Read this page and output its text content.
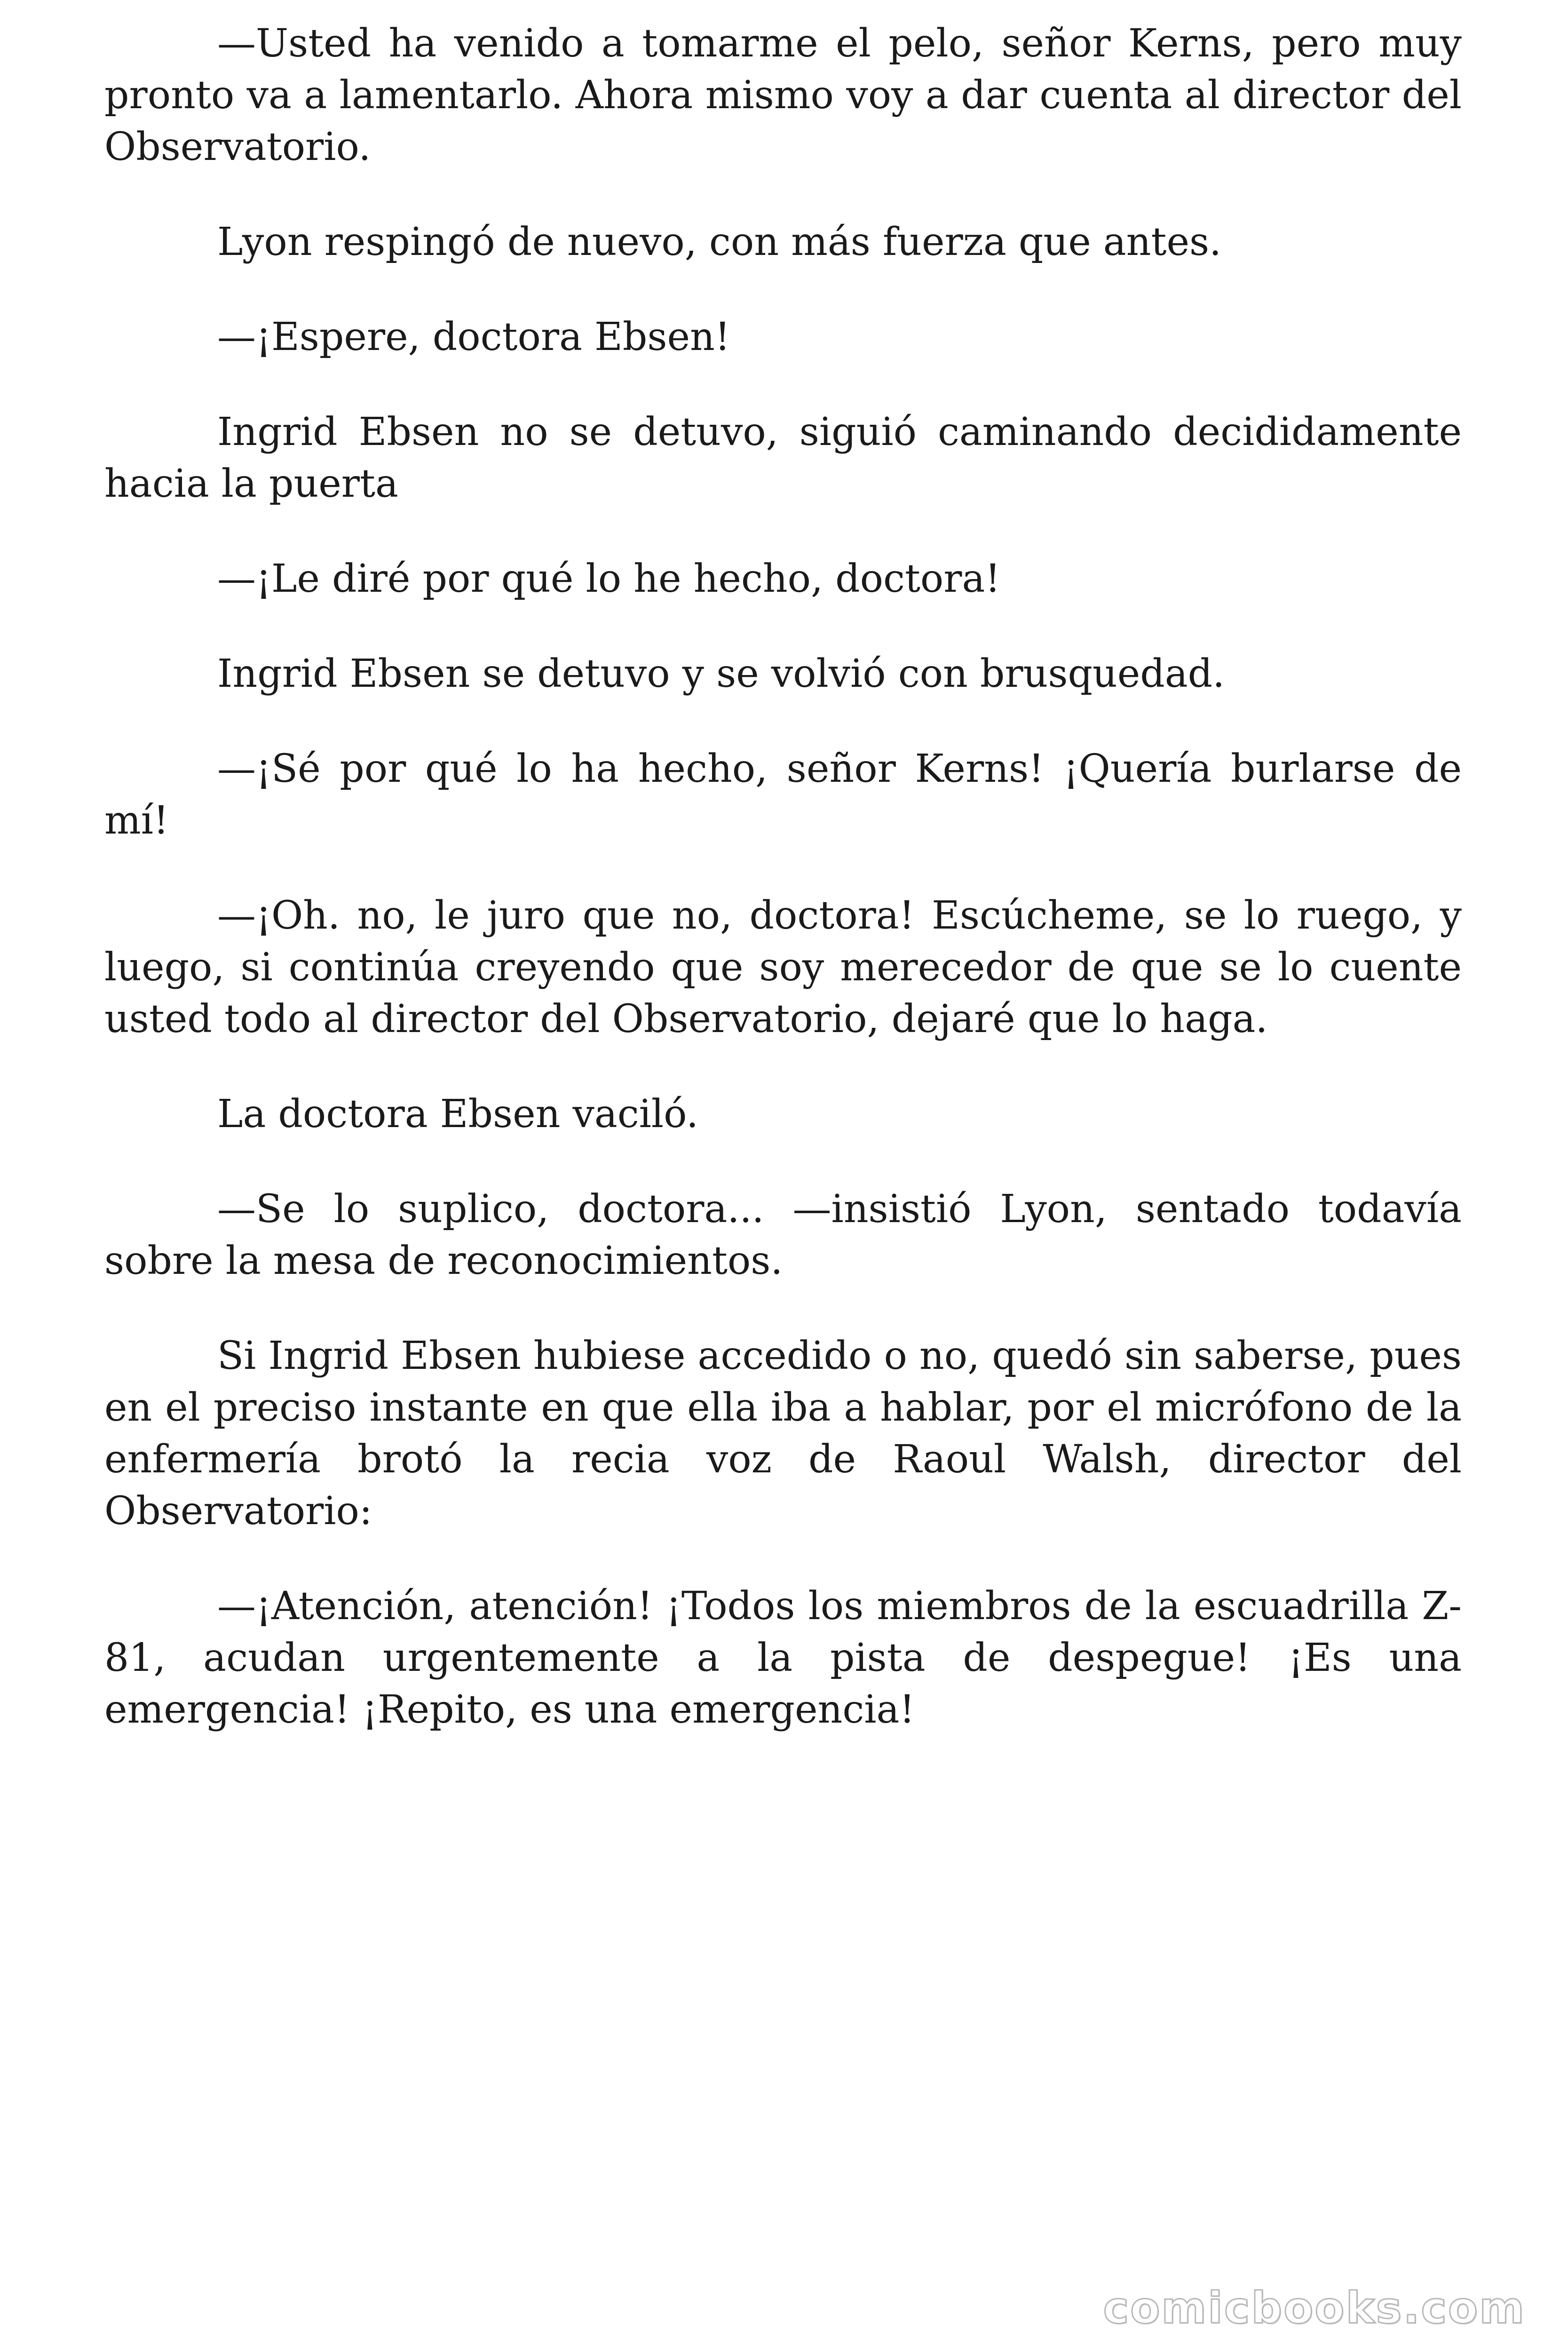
—Usted ha venido a tomarme el pelo, señor Kerns, pero muy pronto va a lamentarlo. Ahora mismo voy a dar cuenta al director del Observatorio.

Lyon respingó de nuevo, con más fuerza que antes.

—¡Espere, doctora Ebsen!

Ingrid Ebsen no se detuvo, siguió caminando decididamente hacia la puerta

—¡Le diré por qué lo he hecho, doctora!

Ingrid Ebsen se detuvo y se volvió con brusquedad.

—¡Sé por qué lo ha hecho, señor Kerns! ¡Quería burlarse de mí!

—¡Oh. no, le juro que no, doctora! Escúcheme, se lo ruego, y luego, si continúa creyendo que soy merecedor de que se lo cuente usted todo al director del Observatorio, dejaré que lo haga.

La doctora Ebsen vaciló.

—Se lo suplico, doctora... —insistió Lyon, sentado todavía sobre la mesa de reconocimientos.

Si Ingrid Ebsen hubiese accedido o no, quedó sin saberse, pues en el preciso instante en que ella iba a hablar, por el micrófono de la enfermería brotó la recia voz de Raoul Walsh, director del Observatorio:

—¡Atención, atención! ¡Todos los miembros de la escuadrilla Z-81, acudan urgentemente a la pista de despegue! ¡Es una emergencia! ¡Repito, es una emergencia!

comicbooks.com
